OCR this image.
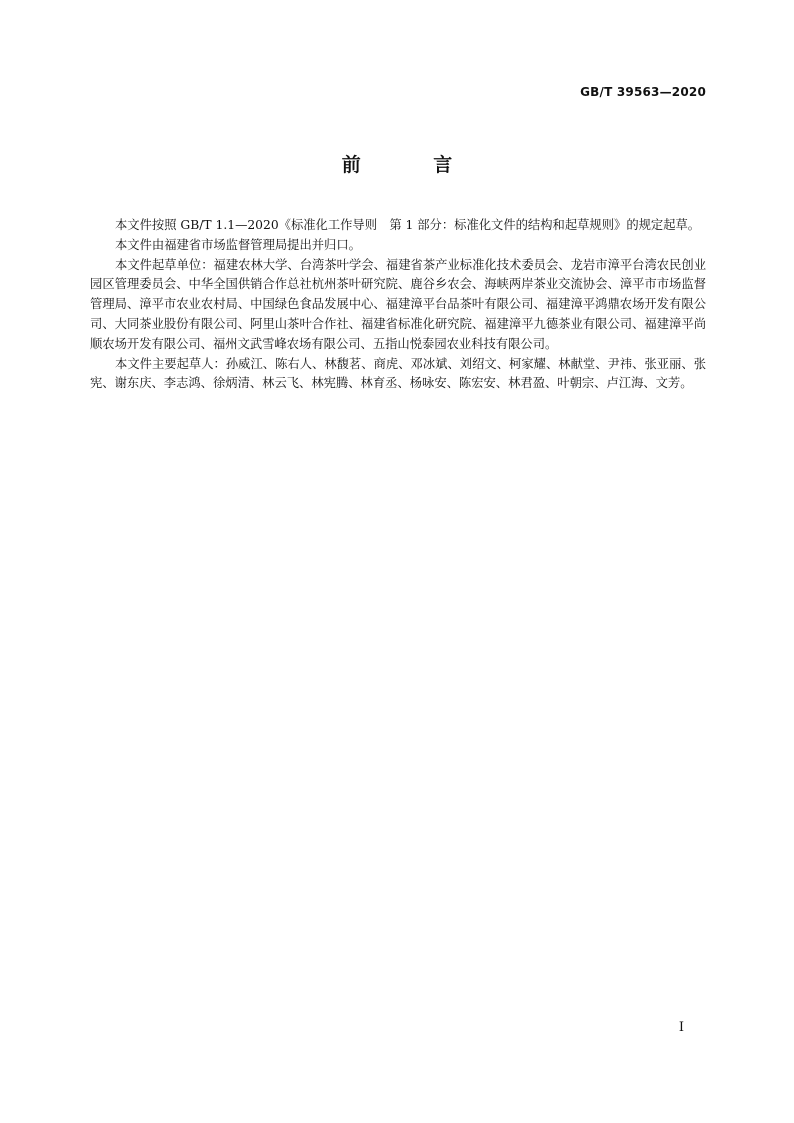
GB/T 39563—2020
前 言

本文件按照 GB/T 1.1—2020《标准化工作导则　第 1 部分：标准化文件的结构和起草规则》的规定起草。

本文件由福建省市场监督管理局提出并归口。

本文件起草单位：福建农林大学、台湾茶叶学会、福建省茶产业标准化技术委员会、龙岩市漳平台湾农民创业园区管理委员会、中华全国供销合作总社杭州茶叶研究院、鹿谷乡农会、海峡两岸茶业交流协会、漳平市市场监督管理局、漳平市农业农村局、中国绿色食品发展中心、福建漳平台品茶叶有限公司、福建漳平鸿鼎农场开发有限公司、大同茶业股份有限公司、阿里山茶叶合作社、福建省标准化研究院、福建漳平九德茶业有限公司、福建漳平尚顺农场开发有限公司、福州文武雪峰农场有限公司、五指山悦泰园农业科技有限公司。

本文件主要起草人：孙威江、陈右人、林馥茗、商虎、邓冰斌、刘绍文、柯家耀、林献堂、尹祎、张亚丽、张宪、谢东庆、李志鸿、徐炳清、林云飞、林宪腾、林育丞、杨咏安、陈宏安、林君盈、叶朝宗、卢江海、文芳。

I
